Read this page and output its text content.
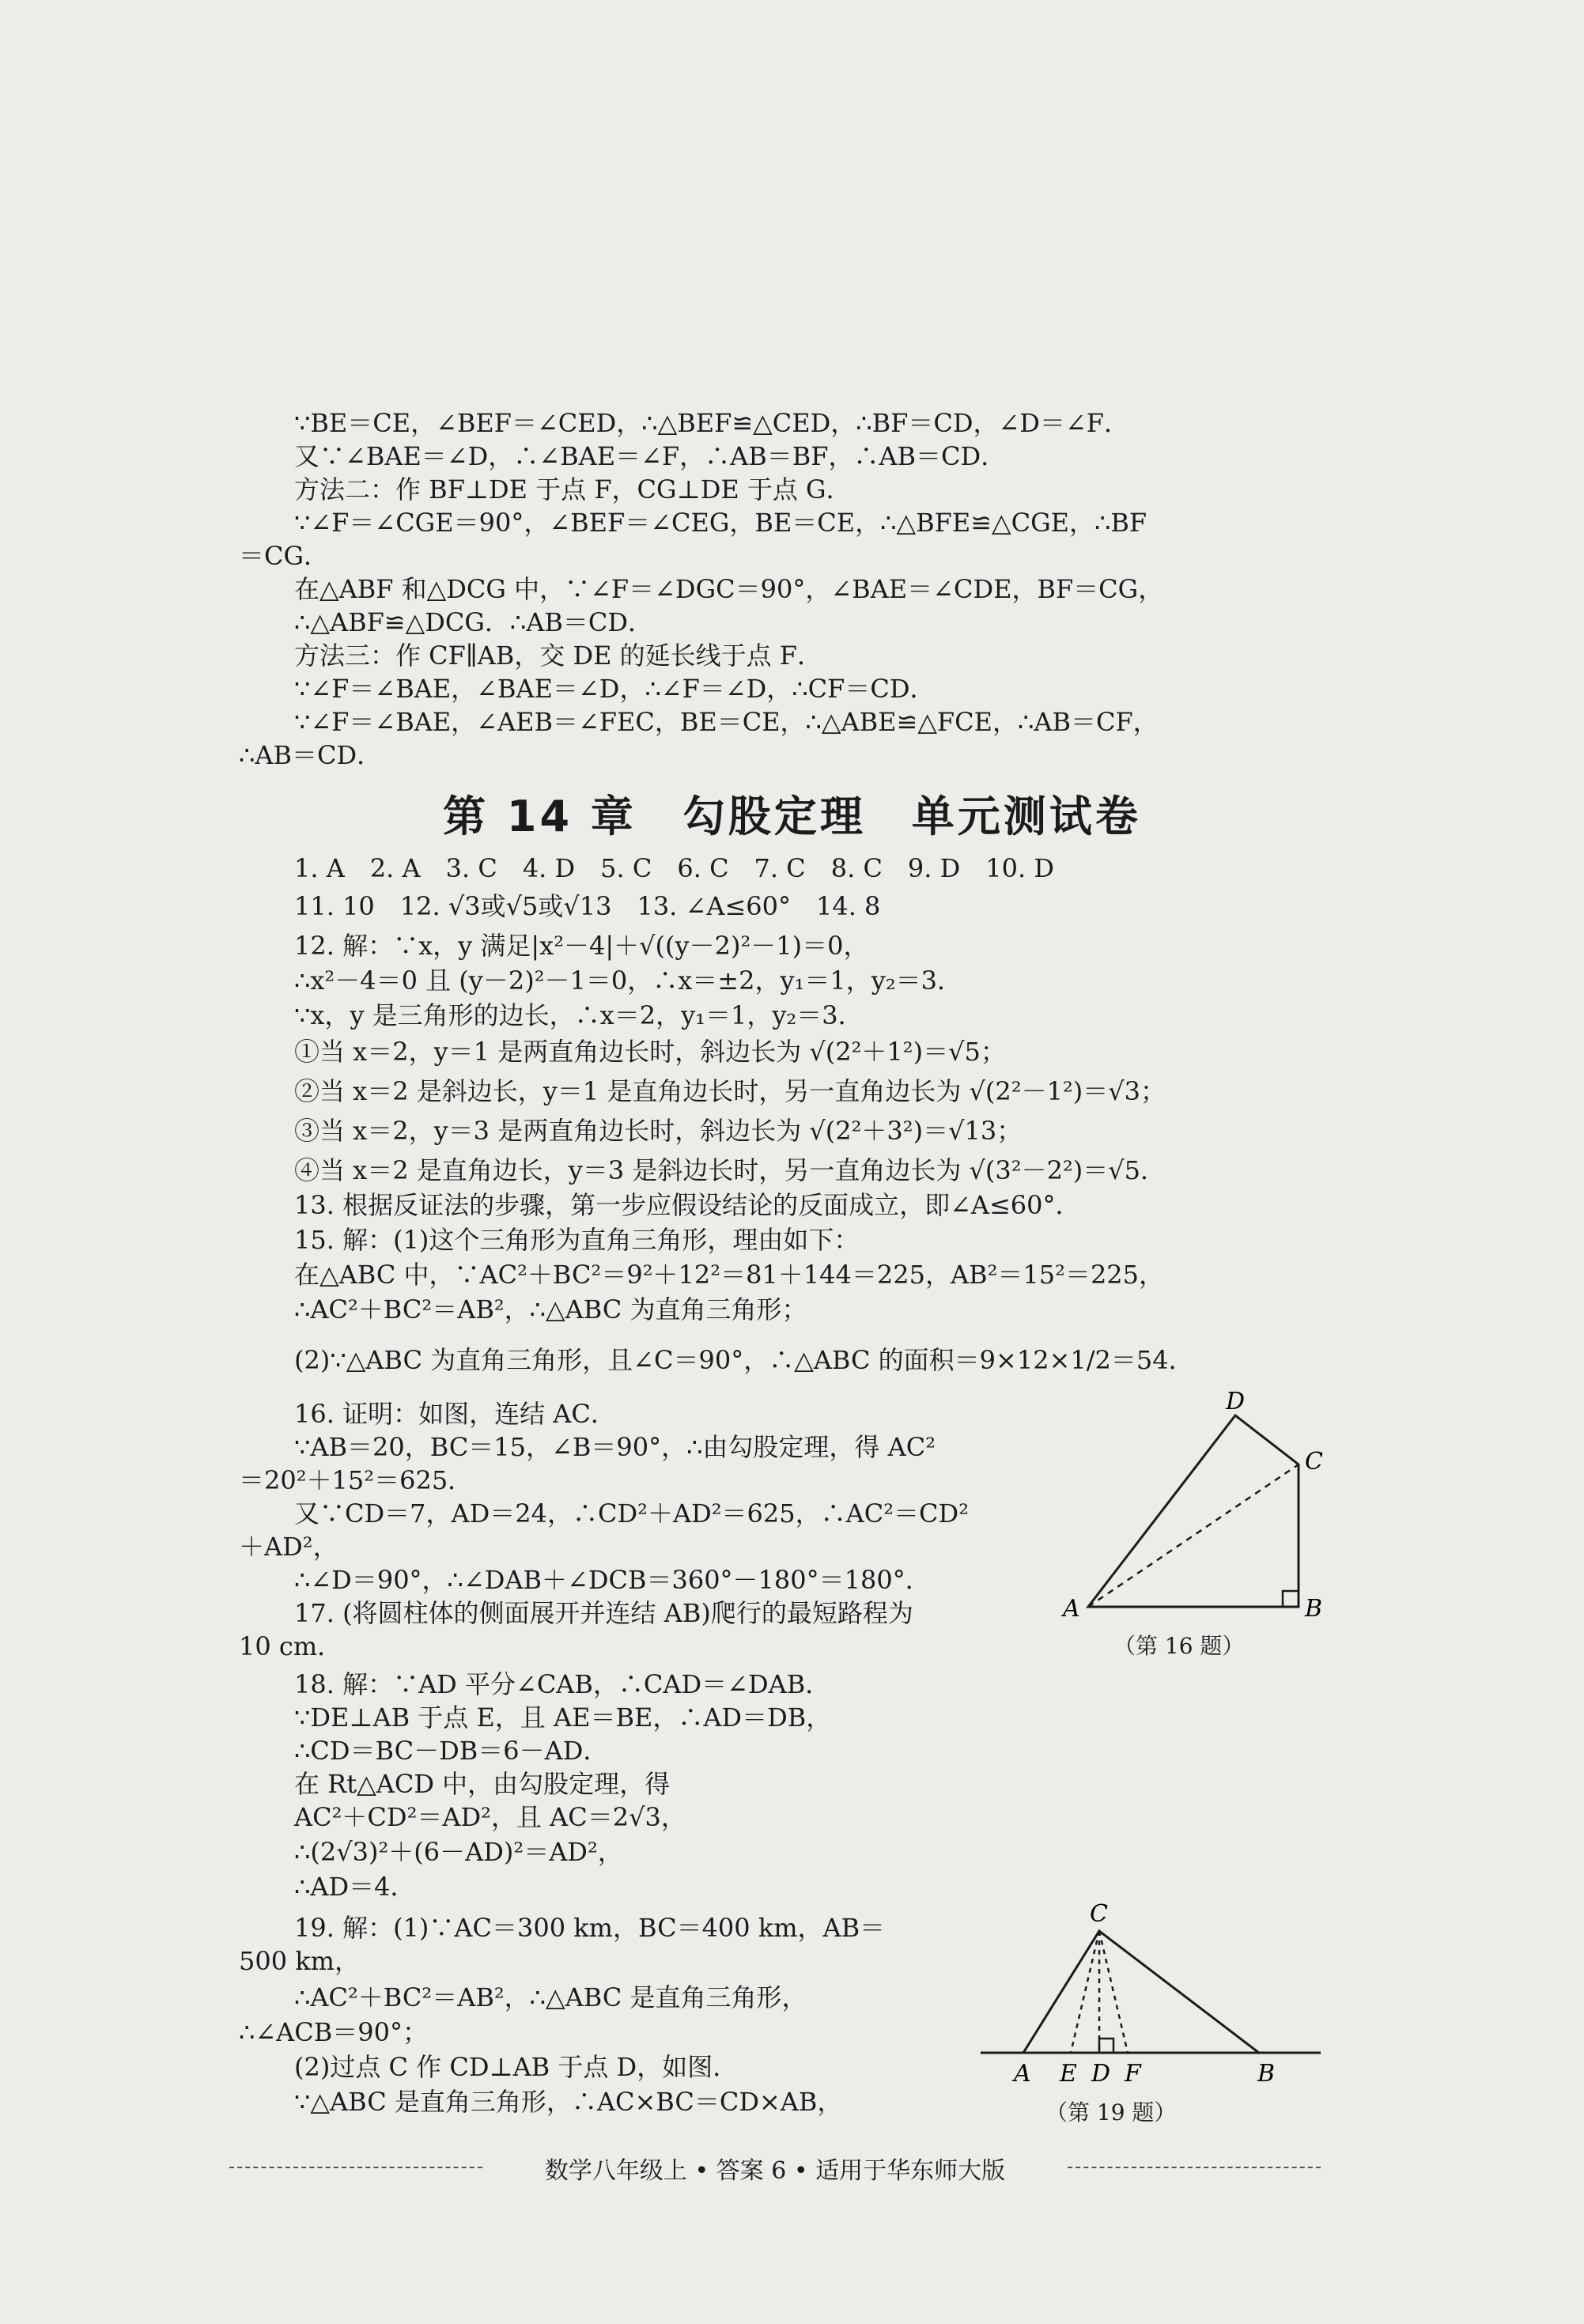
∵BE＝CE，∠BEF＝∠CED，∴△BEF≌△CED，∴BF＝CD，∠D＝∠F．
又∵∠BAE＝∠D，∴∠BAE＝∠F，∴AB＝BF，∴AB＝CD．
方法二：作 BF⊥DE 于点 F，CG⊥DE 于点 G．
∵∠F＝∠CGE＝90°，∠BEF＝∠CEG，BE＝CE，∴△BFE≌△CGE，∴BF
＝CG．
在△ABF 和△DCG 中，∵∠F＝∠DGC＝90°，∠BAE＝∠CDE，BF＝CG，
∴△ABF≌△DCG．∴AB＝CD．
方法三：作 CF∥AB，交 DE 的延长线于点 F．
∵∠F＝∠BAE，∠BAE＝∠D，∴∠F＝∠D，∴CF＝CD．
∵∠F＝∠BAE，∠AEB＝∠FEC，BE＝CE，∴△ABE≌△FCE，∴AB＝CF，
∴AB＝CD．
第 14 章　勾股定理　单元测试卷
1. A　2. A　3. C　4. D　5. C　6. C　7. C　8. C　9. D　10. D
11. 10　12. √3或√5或√13　13. ∠A≤60°　14. 8
12. 解：∵x，y 满足|x²－4|＋√((y－2)²－1)＝0，
∴x²－4＝0 且 (y－2)²－1＝0，∴x＝±2，y₁＝1，y₂＝3．
∵x，y 是三角形的边长，∴x＝2，y₁＝1，y₂＝3．
①当 x＝2，y＝1 是两直角边长时，斜边长为 √(2²＋1²)＝√5；
②当 x＝2 是斜边长，y＝1 是直角边长时，另一直角边长为 √(2²－1²)＝√3；
③当 x＝2，y＝3 是两直角边长时，斜边长为 √(2²＋3²)＝√13；
④当 x＝2 是直角边长，y＝3 是斜边长时，另一直角边长为 √(3²－2²)＝√5．
13. 根据反证法的步骤，第一步应假设结论的反面成立，即∠A≤60°．
15. 解：(1)这个三角形为直角三角形，理由如下：
在△ABC 中，∵AC²＋BC²＝9²＋12²＝81＋144＝225，AB²＝15²＝225，
∴AC²＋BC²＝AB²，∴△ABC 为直角三角形；
(2)∵△ABC 为直角三角形，且∠C＝90°，∴△ABC 的面积＝9×12×1/2＝54．
16. 证明：如图，连结 AC．
∵AB＝20，BC＝15，∠B＝90°，∴由勾股定理，得 AC²
＝20²＋15²＝625．
又∵CD＝7，AD＝24，∴CD²＋AD²＝625，∴AC²＝CD²
＋AD²，
∴∠D＝90°，∴∠DAB＋∠DCB＝360°－180°＝180°．
17. (将圆柱体的侧面展开并连结 AB)爬行的最短路程为
10 cm．
18. 解：∵AD 平分∠CAB，∴CAD＝∠DAB．
∵DE⊥AB 于点 E，且 AE＝BE，∴AD＝DB，
∴CD＝BC－DB＝6－AD．
在 Rt△ACD 中，由勾股定理，得
AC²＋CD²＝AD²，且 AC＝2√3，
∴(2√3)²＋(6－AD)²＝AD²，
∴AD＝4．
19. 解：(1)∵AC＝300 km，BC＝400 km，AB＝
500 km，
∴AC²＋BC²＝AB²，∴△ABC 是直角三角形，
∴∠ACB＝90°；
(2)过点 C 作 CD⊥AB 于点 D，如图．
∵△ABC 是直角三角形，∴AC×BC＝CD×AB，
D
C
A	B
（第 16 题）
C
A E D F	B
（第 19 题）
数学八年级上 • 答案 6 • 适用于华东师大版
